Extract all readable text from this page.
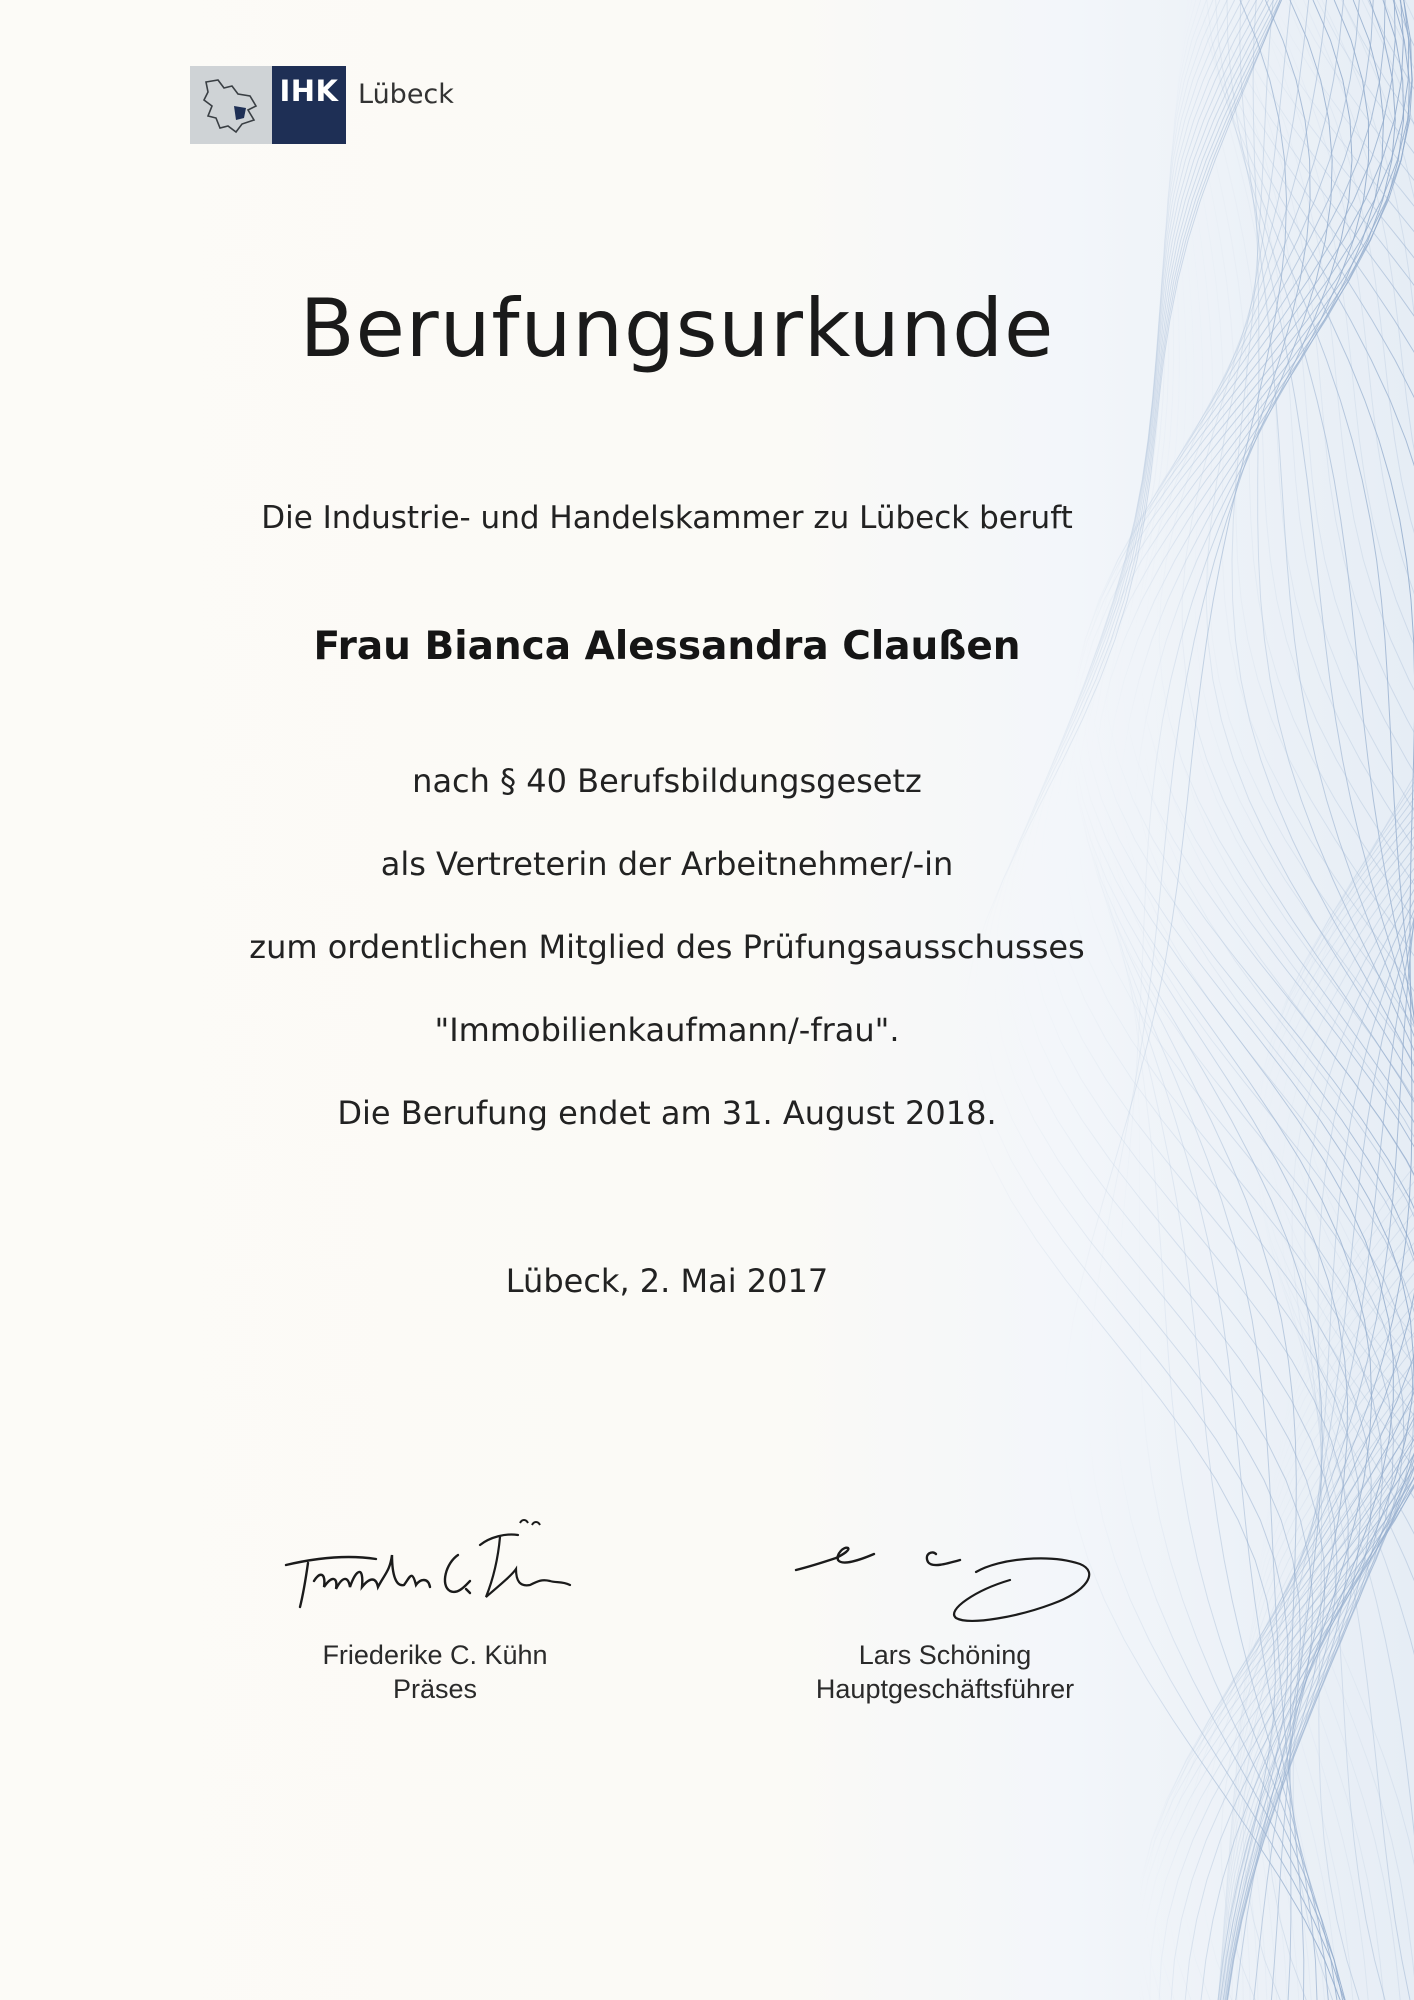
IHK Lübeck
Berufungsurkunde
Die Industrie- und Handelskammer zu Lübeck beruft
Frau Bianca Alessandra Claußen
nach § 40 Berufsbildungsgesetz
als Vertreterin der Arbeitnehmer/-in
zum ordentlichen Mitglied des Prüfungsausschusses
"Immobilienkaufmann/-frau".
Die Berufung endet am 31. August 2018.
Lübeck, 2. Mai 2017
Friederike C. Kühn
Präses
Lars Schöning
Hauptgeschäftsführer
